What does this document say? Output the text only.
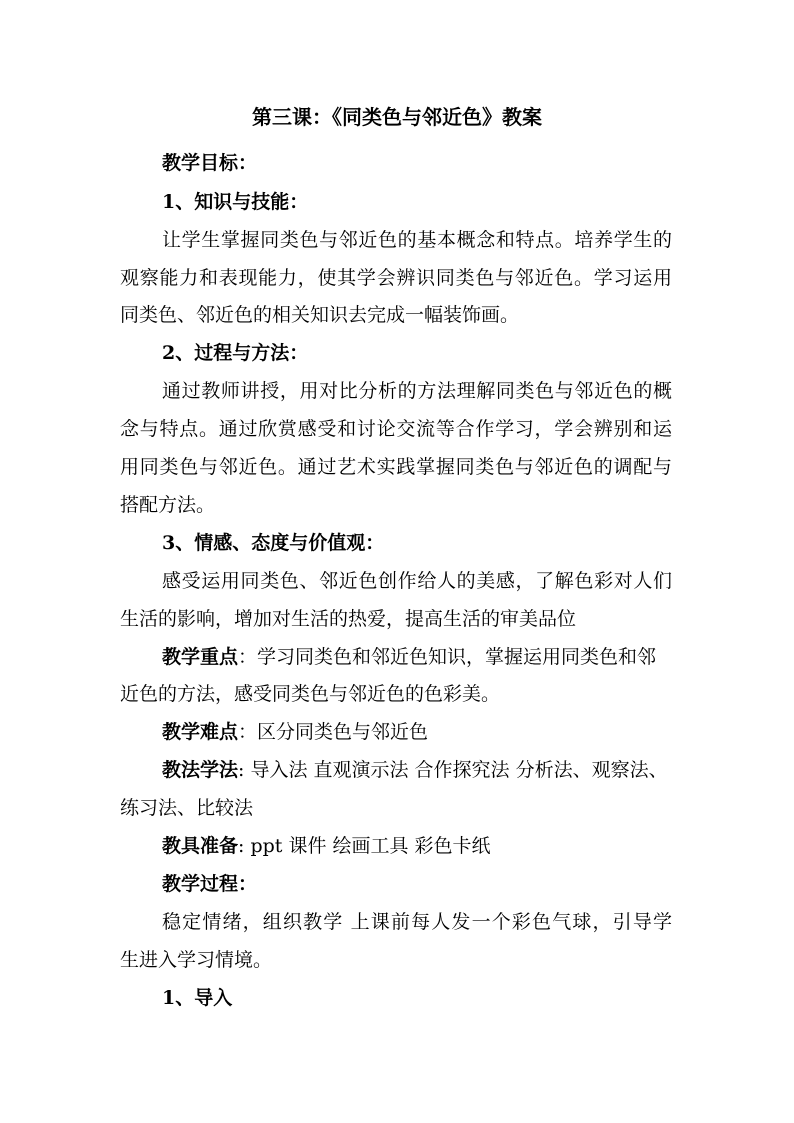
第三课：《同类色与邻近色》教案
教学目标：
1、知识与技能：
让学生掌握同类色与邻近色的基本概念和特点。培养学生的
观察能力和表现能力，使其学会辨识同类色与邻近色。学习运用
同类色、邻近色的相关知识去完成一幅装饰画。
2、过程与方法：
通过教师讲授，用对比分析的方法理解同类色与邻近色的概
念与特点。通过欣赏感受和讨论交流等合作学习，学会辨别和运
用同类色与邻近色。通过艺术实践掌握同类色与邻近色的调配与
搭配方法。
3、情感、态度与价值观：
感受运用同类色、邻近色创作给人的美感，了解色彩对人们
生活的影响，增加对生活的热爱，提高生活的审美品位
教学重点：学习同类色和邻近色知识，掌握运用同类色和邻
近色的方法，感受同类色与邻近色的色彩美。
教学难点：区分同类色与邻近色
教法学法: 导入法 直观演示法 合作探究法 分析法、观察法、
练习法、比较法
教具准备: ppt 课件 绘画工具 彩色卡纸
教学过程：
稳定情绪，组织教学 上课前每人发一个彩色气球，引导学
生进入学习情境。
1、导入
